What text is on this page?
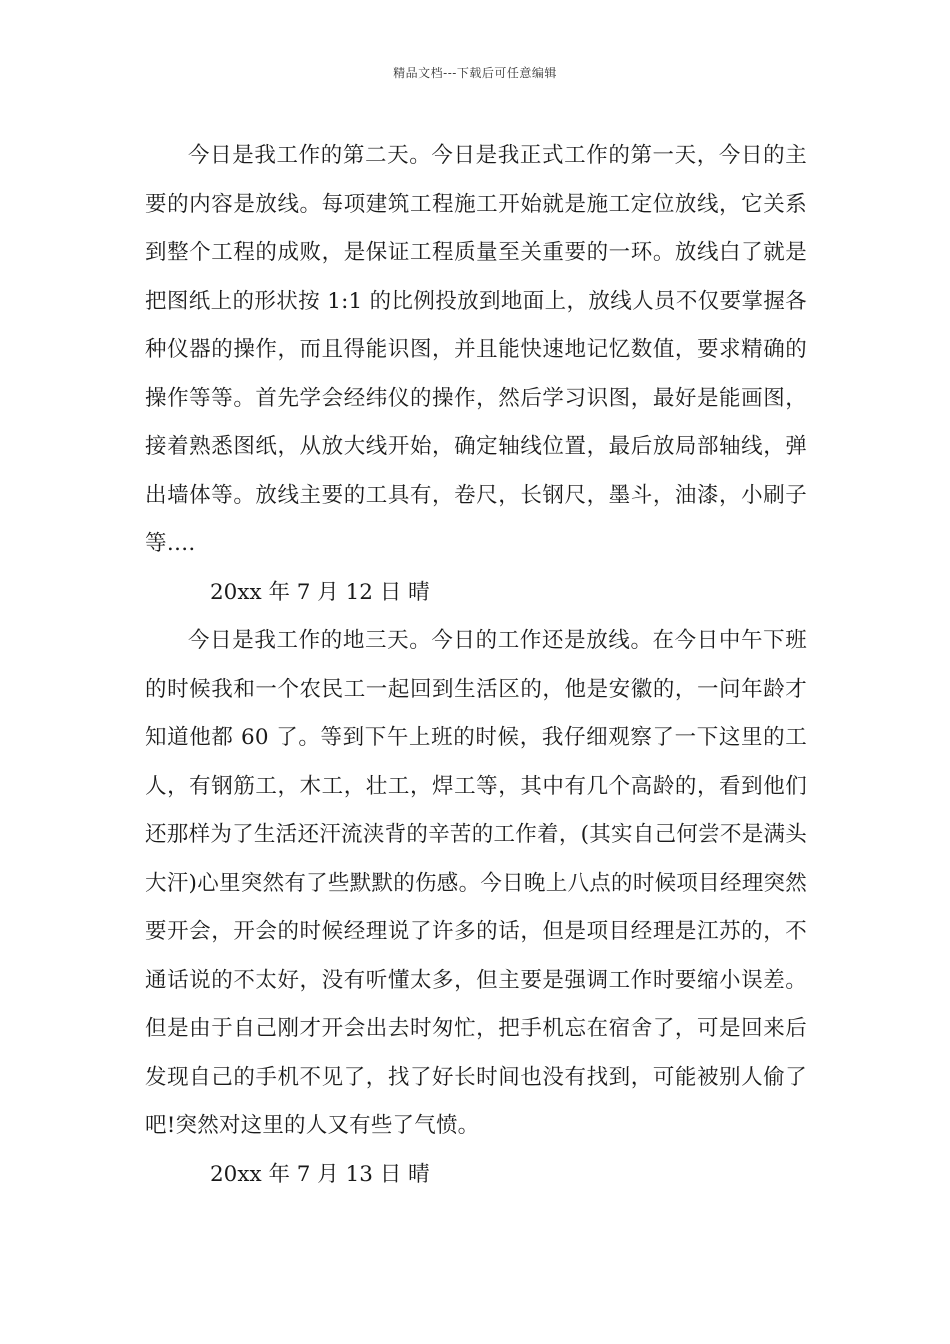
精品文档---下载后可任意编辑

今日是我工作的第二天。今日是我正式工作的第一天，今日的主要的内容是放线。每项建筑工程施工开始就是施工定位放线，它关系到整个工程的成败，是保证工程质量至关重要的一环。放线白了就是把图纸上的形状按 1:1 的比例投放到地面上，放线人员不仅要掌握各种仪器的操作，而且得能识图，并且能快速地记忆数值，要求精确的操作等等。首先学会经纬仪的操作，然后学习识图，最好是能画图，接着熟悉图纸，从放大线开始，确定轴线位置，最后放局部轴线，弹出墙体等。放线主要的工具有，卷尺，长钢尺，墨斗，油漆，小刷子等….

20xx 年 7 月 12 日 晴

今日是我工作的地三天。今日的工作还是放线。在今日中午下班的时候我和一个农民工一起回到生活区的，他是安徽的，一问年龄才知道他都 60 了。等到下午上班的时候，我仔细观察了一下这里的工人，有钢筋工，木工，壮工，焊工等，其中有几个高龄的，看到他们还那样为了生活还汗流浃背的辛苦的工作着，(其实自己何尝不是满头大汗)心里突然有了些默默的伤感。今日晚上八点的时候项目经理突然要开会，开会的时候经理说了许多的话，但是项目经理是江苏的，不通话说的不太好，没有听懂太多，但主要是强调工作时要缩小误差。但是由于自己刚才开会出去时匆忙，把手机忘在宿舍了，可是回来后发现自己的手机不见了，找了好长时间也没有找到，可能被别人偷了吧!突然对这里的人又有些了气愤。

20xx 年 7 月 13 日 晴
